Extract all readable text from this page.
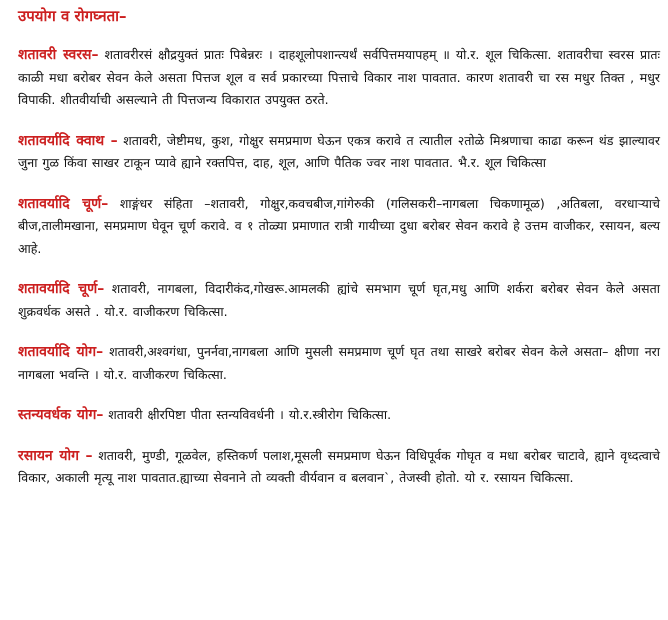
उपयोग व रोगघ्नता–

शतावरी स्वरस– शतावरीरसं क्षौद्रयुक्तं प्रातः पिबेन्नरः । दाहशूलोपशान्त्यर्थं सर्वपित्तमयापहम् ॥ यो.र. शूल चिकित्सा. शतावरीचा स्वरस प्रातः काळी मधा बरोबर सेवन केले असता पित्तज शूल व सर्व प्रकारच्या पित्ताचे विकार नाश पावतात. कारण शतावरी चा रस मधुर तिक्त , मधुर विपाकी. शीतवीर्याची असल्याने ती पित्तजन्य विकारात उपयुक्त ठरते.

शतावर्यादि क्वाथ – शतावरी, जेष्टीमध, कुश, गोक्षुर समप्रमाण घेऊन एकत्र करावे त त्यातील २तोळे मिश्रणाचा काढा करून थंड झाल्यावर जुना गुळ किंवा साखर टाकून प्यावे ह्याने रक्तपित्त, दाह, शूल, आणि पैतिक ज्वर नाश पावतात. भै.र. शूल चिकित्सा

शतावर्यादि चूर्ण– शाङ्गंधर संहिता –शतावरी, गोक्षुर,कवचबीज,गांगेरुकी (गलिसकरी–नागबला चिकणामूळ) ,अतिबला, वरधाऱ्याचे बीज,तालीमखाना, समप्रमाण घेवून चूर्ण करावे. व १ तोळ्या प्रमाणात रात्री गायीच्या दुधा बरोबर सेवन करावे हे उत्तम वाजीकर, रसायन, बल्य आहे.

शतावर्यादि चूर्ण– शतावरी, नागबला, विदारीकंद,गोखरू.आमलकी ह्यांचे समभाग चूर्ण घृत,मधु आणि शर्करा बरोबर सेवन केले असता शुक्रवर्धक असते . यो.र. वाजीकरण चिकित्सा.

शतावर्यादि योग– शतावरी,अश्वगंधा, पुनर्नवा,नागबला आणि मुसली समप्रमाण चूर्ण घृत तथा साखरे बरोबर सेवन केले असता– क्षीणा नरा नागबला भवन्ति । यो.र. वाजीकरण चिकित्सा.

स्तन्यवर्धक योग– शतावरी क्षीरपिष्टा पीता स्तन्यविवर्धनी । यो.र.स्त्रीरोग चिकित्सा.

रसायन योग – शतावरी, मुण्डी, गूळवेल, हस्तिकर्ण पलाश,मूसली समप्रमाण घेऊन विधिपूर्वक गोघृत व मधा बरोबर चाटावे, ह्याने वृध्दत्वाचे विकार, अकाली मृत्यू नाश पावतात.ह्याच्या सेवनाने तो व्यक्ती वीर्यवान व बलवान`, तेजस्वी होतो. यो र. रसायन चिकित्सा.
